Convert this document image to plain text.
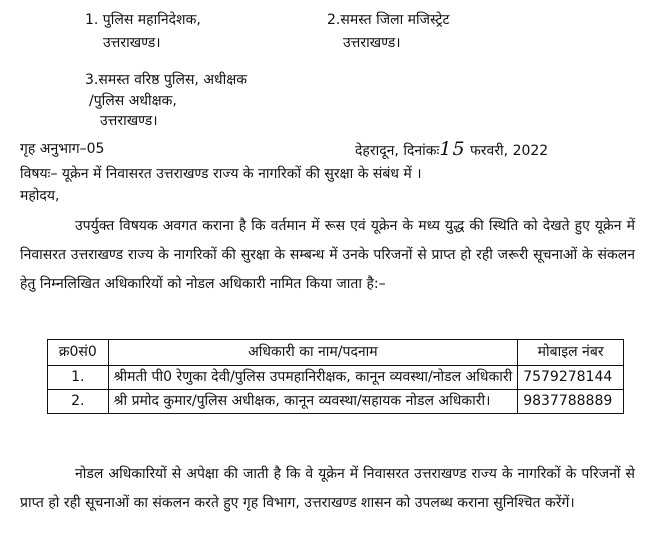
1. पुलिस महानिदेशक,
उत्तराखण्ड।
2.समस्त जिला मजिस्ट्रेट
उत्तराखण्ड।
3.समस्त वरिष्ठ पुलिस, अधीक्षक
/पुलिस अधीक्षक,
उत्तराखण्ड।
गृह अनुभाग–05	देहरादून, दिनांकः15 फरवरी, 2022
विषयः– यूक्रेन में निवासरत उत्तराखण्ड राज्य के नागरिकों की सुरक्षा के संबंध में ।
महोदय,
उपर्युक्त विषयक अवगत कराना है कि वर्तमान में रूस एवं यूक्रेन के मध्य युद्ध की स्थिति को देखते हुए यूक्रेन में निवासरत उत्तराखण्ड राज्य के नागरिकों की सुरक्षा के सम्बन्ध में उनके परिजनों से प्राप्त हो रही जरूरी सूचनाओं के संकलन हेतु निम्नलिखित अधिकारियों को नोडल अधिकारी नामित किया जाता है:–
क्र0सं0	अधिकारी का नाम/पदनाम	मोबाइल नंबर
1.	श्रीमती पी0 रेणुका देवी/पुलिस उपमहानिरीक्षक, कानून व्यवस्था/नोडल अधिकारी	7579278144
2.	श्री प्रमोद कुमार/पुलिस अधीक्षक, कानून व्यवस्था/सहायक नोडल अधिकारी।	9837788889
नोडल अधिकारियों से अपेक्षा की जाती है कि वे यूक्रेन में निवासरत उत्तराखण्ड राज्य के नागरिकों के परिजनों से प्राप्त हो रही सूचनाओं का संकलन करते हुए गृह विभाग, उत्तराखण्ड शासन को उपलब्ध कराना सुनिश्चित करेंगें।
